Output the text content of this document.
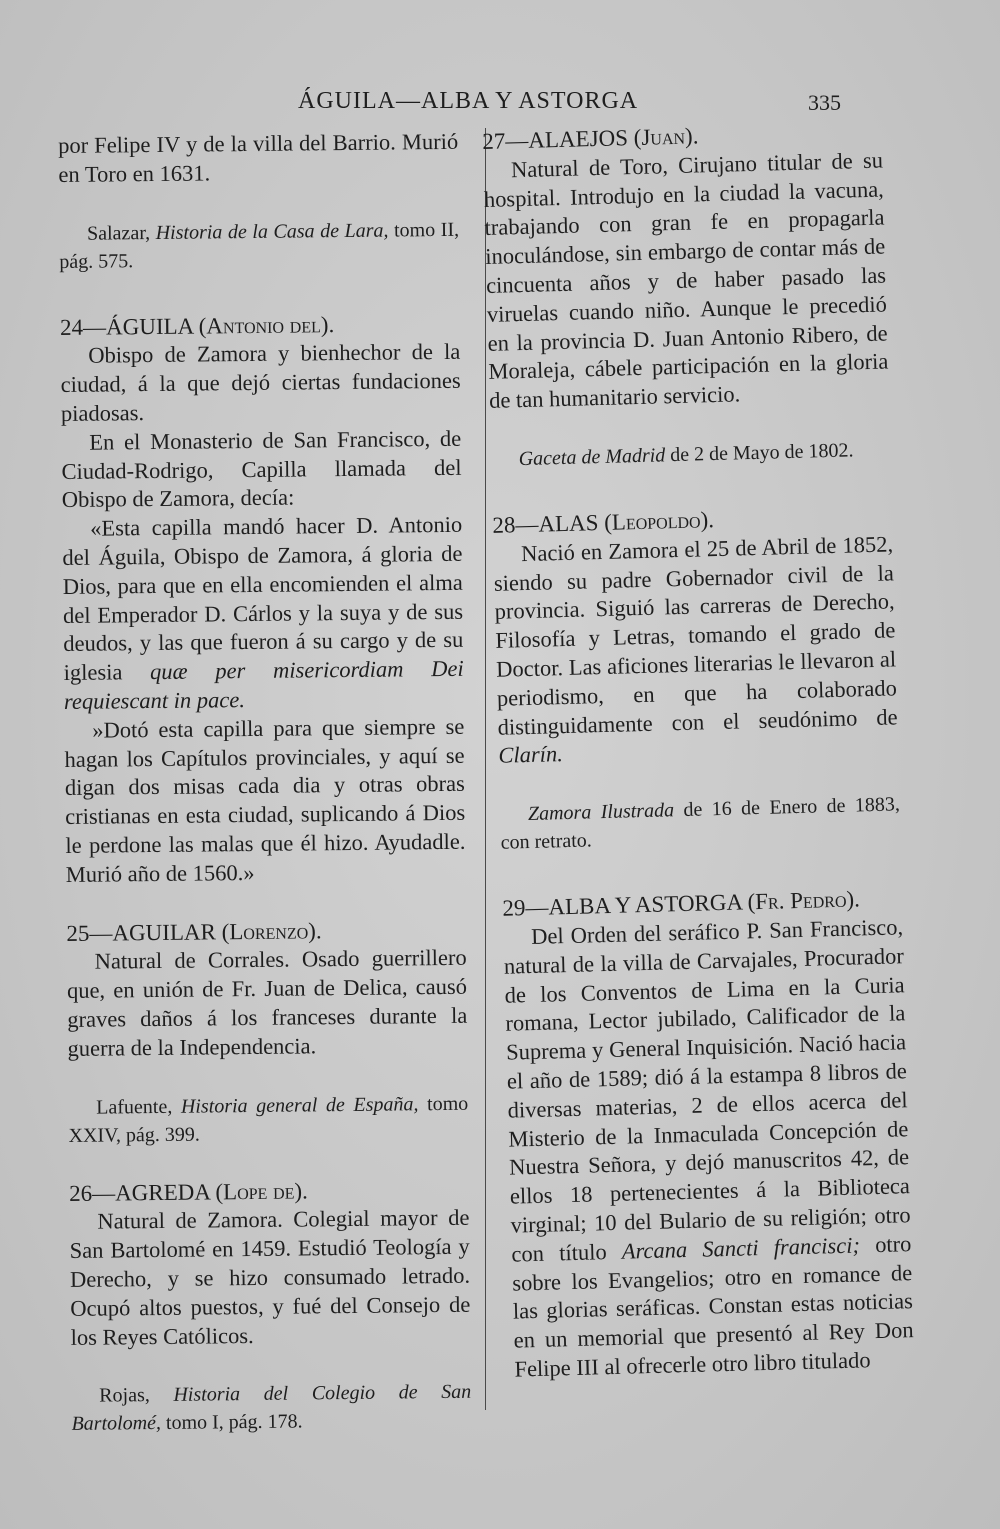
ÁGUILA—ALBA Y ASTORGA	335

por Felipe IV y de la villa del Barrio. Murió en Toro en 1631.

Salazar, Historia de la Casa de Lara, tomo II, pág. 575.

24—ÁGUILA (Antonio del).

Obispo de Zamora y bienhechor de la ciudad, á la que dejó ciertas fundaciones piadosas.

En el Monasterio de San Francisco, de Ciudad-Rodrigo, Capilla llamada del Obispo de Zamora, decía:

«Esta capilla mandó hacer D. Antonio del Águila, Obispo de Zamora, á gloria de Dios, para que en ella encomienden el alma del Emperador D. Cárlos y la suya y de sus deudos, y las que fueron á su cargo y de su iglesia quæ per misericordiam Dei requiescant in pace.

»Dotó esta capilla para que siempre se hagan los Capítulos provinciales, y aquí se digan dos misas cada dia y otras obras cristianas en esta ciudad, suplicando á Dios le perdone las malas que él hizo. Ayudadle. Murió año de 1560.»

25—AGUILAR (Lorenzo).

Natural de Corrales. Osado guerrillero que, en unión de Fr. Juan de Delica, causó graves daños á los franceses durante la guerra de la Independencia.

Lafuente, Historia general de España, tomo XXIV, pág. 399.

26—AGREDA (Lope de).

Natural de Zamora. Colegial mayor de San Bartolomé en 1459. Estudió Teología y Derecho, y se hizo consumado letrado. Ocupó altos puestos, y fué del Consejo de los Reyes Católicos.

Rojas, Historia del Colegio de San Bartolomé, tomo I, pág. 178.

27—ALAEJOS (Juan).

Natural de Toro, Cirujano titular de su hospital. Introdujo en la ciudad la vacuna, trabajando con gran fe en propagarla inoculándose, sin embargo de contar más de cincuenta años y de haber pasado las viruelas cuando niño. Aunque le precedió en la provincia D. Juan Antonio Ribero, de Moraleja, cábele participación en la gloria de tan humanitario servicio.

Gaceta de Madrid de 2 de Mayo de 1802.

28—ALAS (Leopoldo).

Nació en Zamora el 25 de Abril de 1852, siendo su padre Gobernador civil de la provincia. Siguió las carreras de Derecho, Filosofía y Letras, tomando el grado de Doctor. Las aficiones literarias le llevaron al periodismo, en que ha colaborado distinguidamente con el seudónimo de Clarín.

Zamora Ilustrada de 16 de Enero de 1883, con retrato.

29—ALBA Y ASTORGA (Fr. Pedro).

Del Orden del seráfico P. San Francisco, natural de la villa de Carvajales, Procurador de los Conventos de Lima en la Curia romana, Lector jubilado, Calificador de la Suprema y General Inquisición. Nació hacia el año de 1589; dió á la estampa 8 libros de diversas materias, 2 de ellos acerca del Misterio de la Inmaculada Concepción de Nuestra Señora, y dejó manuscritos 42, de ellos 18 pertenecientes á la Biblioteca virginal; 10 del Bulario de su religión; otro con título Arcana Sancti francisci; otro sobre los Evangelios; otro en romance de las glorias seráficas. Constan estas noticias en un memorial que presentó al Rey Don Felipe III al ofrecerle otro libro titulado
